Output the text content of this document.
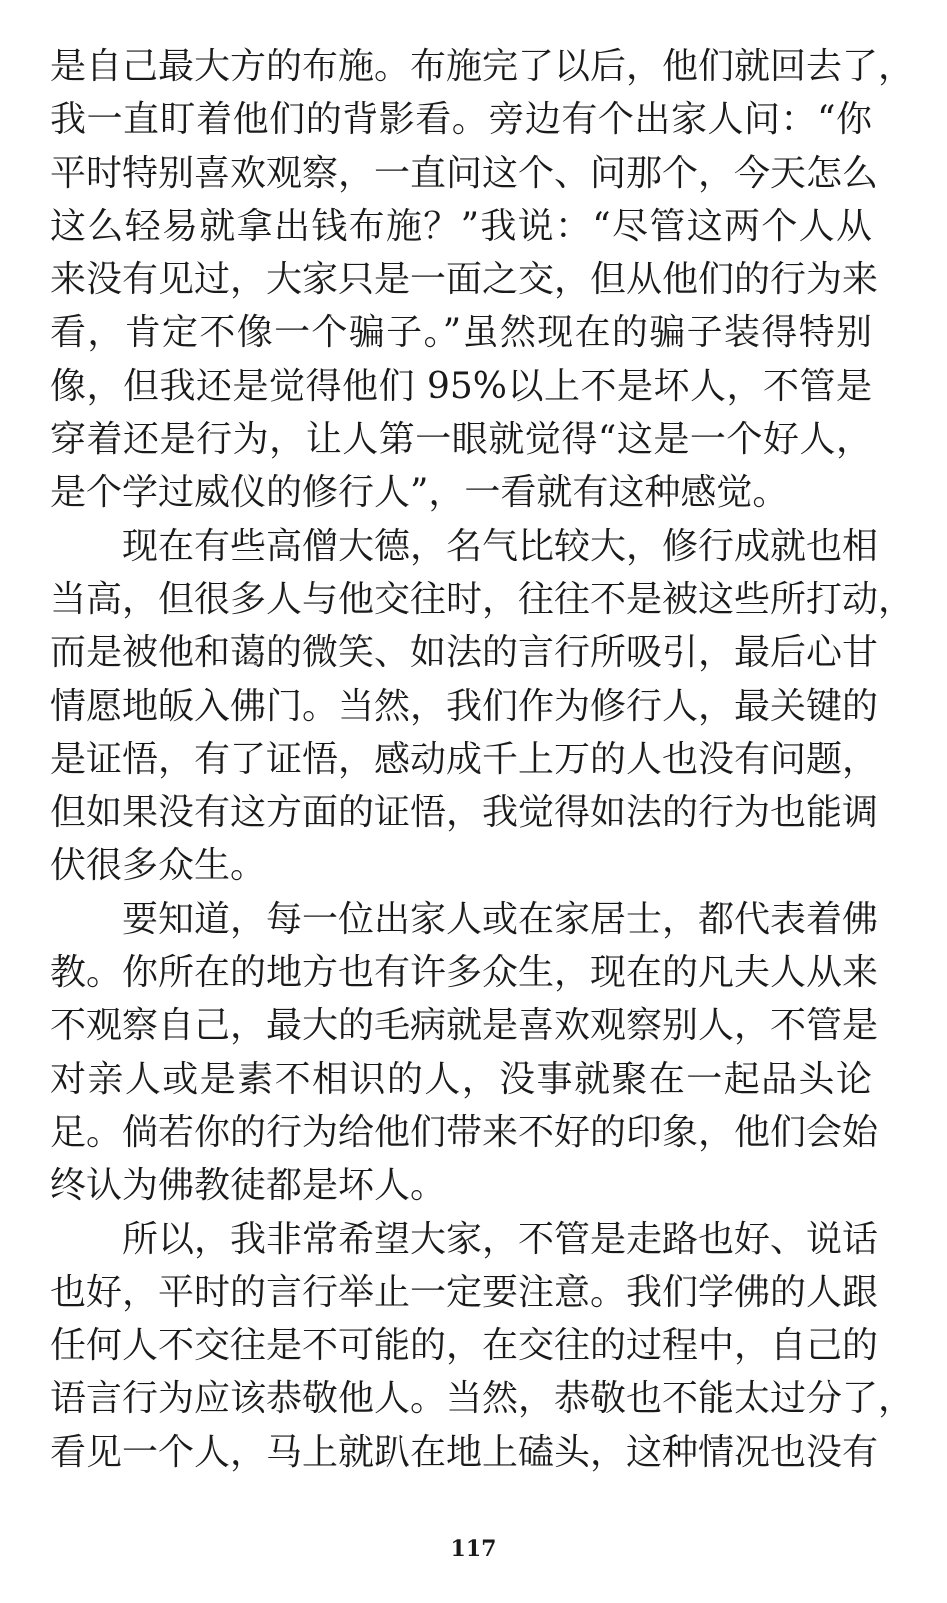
是自己最大方的布施。布施完了以后，他们就回去了，
我一直盯着他们的背影看。旁边有个出家人问：“你
平时特别喜欢观察，一直问这个、问那个，今天怎么
这么轻易就拿出钱布施？”我说：“尽管这两个人从
来没有见过，大家只是一面之交，但从他们的行为来
看，肯定不像一个骗子。”虽然现在的骗子装得特别
像，但我还是觉得他们 95%以上不是坏人，不管是
穿着还是行为，让人第一眼就觉得“这是一个好人，
是个学过威仪的修行人”，一看就有这种感觉。
现在有些高僧大德，名气比较大，修行成就也相
当高，但很多人与他交往时，往往不是被这些所打动，
而是被他和蔼的微笑、如法的言行所吸引，最后心甘
情愿地皈入佛门。当然，我们作为修行人，最关键的
是证悟，有了证悟，感动成千上万的人也没有问题，
但如果没有这方面的证悟，我觉得如法的行为也能调
伏很多众生。
要知道，每一位出家人或在家居士，都代表着佛
教。你所在的地方也有许多众生，现在的凡夫人从来
不观察自己，最大的毛病就是喜欢观察别人，不管是
对亲人或是素不相识的人，没事就聚在一起品头论
足。倘若你的行为给他们带来不好的印象，他们会始
终认为佛教徒都是坏人。
所以，我非常希望大家，不管是走路也好、说话
也好，平时的言行举止一定要注意。我们学佛的人跟
任何人不交往是不可能的，在交往的过程中，自己的
语言行为应该恭敬他人。当然，恭敬也不能太过分了，
看见一个人，马上就趴在地上磕头，这种情况也没有
117
